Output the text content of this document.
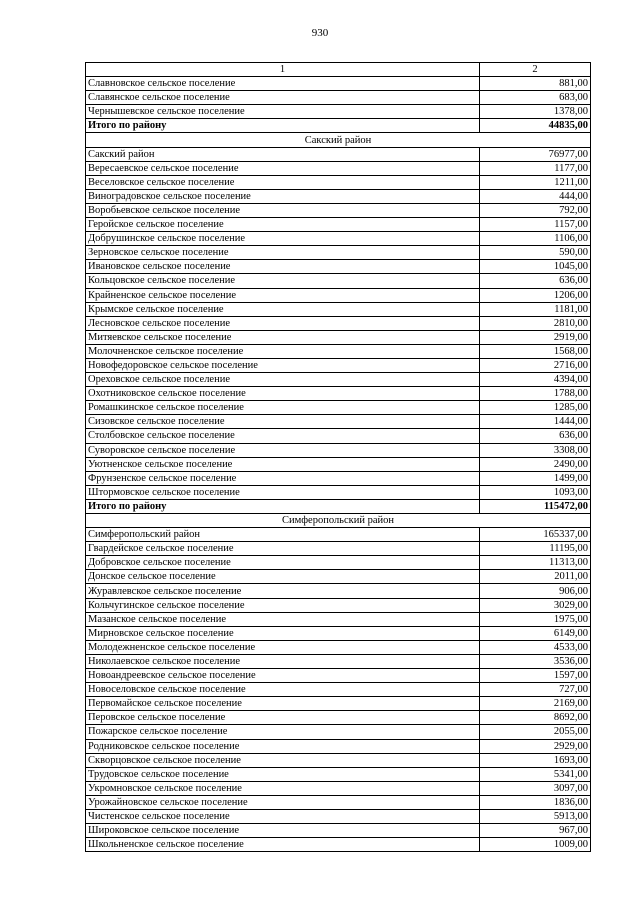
930
1	2
Славновское сельское поселение	881,00
Славянское сельское поселение	683,00
Чернышевское сельское поселение	1378,00
Итого по району	44835,00
Сакский район	
Сакский район	76977,00
Вересаевское сельское поселение	1177,00
Веселовское сельское поселение	1211,00
Виноградовское сельское поселение	444,00
Воробьевское сельское поселение	792,00
Геройское сельское поселение	1157,00
Добрушинское сельское поселение	1106,00
Зерновское сельское поселение	590,00
Ивановское сельское поселение	1045,00
Кольцовское сельское поселение	636,00
Крайненское сельское поселение	1206,00
Крымское сельское поселение	1181,00
Лесновское сельское поселение	2810,00
Митяевское сельское поселение	2919,00
Молочненское сельское поселение	1568,00
Новофедоровское сельское поселение	2716,00
Ореховское сельское поселение	4394,00
Охотниковское сельское поселение	1788,00
Ромашкинское сельское поселение	1285,00
Сизовское сельское поселение	1444,00
Столбовское сельское поселение	636,00
Суворовское сельское поселение	3308,00
Уютненское сельское поселение	2490,00
Фрунзенское сельское поселение	1499,00
Штормовское сельское поселение	1093,00
Итого по району	115472,00
Симферопольский район	
Симферопольский район	165337,00
Гвардейское сельское поселение	11195,00
Добровское сельское поселение	11313,00
Донское сельское поселение	2011,00
Журавлевское сельское поселение	906,00
Кольчугинское сельское поселение	3029,00
Мазанское сельское поселение	1975,00
Мирновское сельское поселение	6149,00
Молодежненское сельское поселение	4533,00
Николаевское сельское поселение	3536,00
Новоандреевское сельское поселение	1597,00
Новоселовское сельское поселение	727,00
Первомайское сельское поселение	2169,00
Перовское сельское поселение	8692,00
Пожарское сельское поселение	2055,00
Родниковское сельское поселение	2929,00
Скворцовское сельское поселение	1693,00
Трудовское сельское поселение	5341,00
Укромновское сельское поселение	3097,00
Урожайновское сельское поселение	1836,00
Чистенское сельское поселение	5913,00
Широковское сельское поселение	967,00
Школьненское сельское поселение	1009,00
